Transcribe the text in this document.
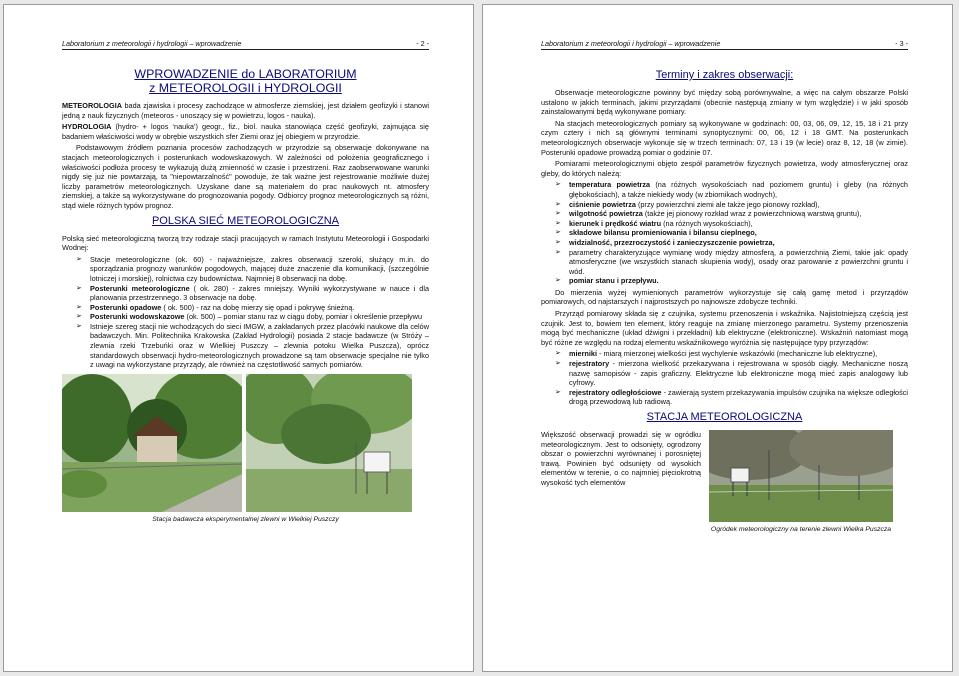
Laboratorium z meteorologii i hydrologii – wprowadzenie	- 2 -
WPROWADZENIE do LABORATORIUM
z METEOROLOGII i HYDROLOGII

METEOROLOGIA bada zjawiska i procesy zachodzące w atmosferze ziemskiej, jest działem geofizyki i stanowi jedną z nauk fizycznych (meteoros - unoszący się w powietrzu, logos - nauka).

HYDROLOGIA (hydro- + logos ‘nauka’) geogr., fiz., biol. nauka stanowiąca część geofizyki, zajmująca się badaniem właściwości wody w obrębie wszystkich sfer Ziemi oraz jej obiegiem w przyrodzie.

Podstawowym źródłem poznania procesów zachodzących w przyrodzie są obserwacje dokonywane na stacjach meteorologicznych i posterunkach wodowskazowych. W zależności od położenia geograficznego i właściwości podłoża procesy te wykazują dużą zmienność w czasie i przestrzeni. Raz zaobserwowane warunki nigdy się już nie powtarzają, ta "niepowtarzalność" powoduje, że tak ważne jest rejestrowanie możliwie dużej liczby parametrów meteorologicznych. Uzyskane dane są materiałem do prac naukowych nt. atmosfery ziemskiej, a także są wykorzystywane do prognozowania pogody. Odbiorcy prognoz meteorologicznych są różni, stąd wiele różnych typów prognoz.

POLSKA SIEĆ METEOROLOGICZNA

Polską sieć meteorologiczną tworzą trzy rodzaje stacji pracujących w ramach Instytutu Meteorologii i Gospodarki Wodnej:

➢ Stacje meteorologiczne (ok. 60) - najważniejsze, zakres obserwacji szeroki, służący m.in. do sporządzania prognozy warunków pogodowych, mającej duże znaczenie dla komunikacji, (szczególnie lotniczej i morskiej), rolnictwa czy budownictwa. Najmniej 8 obserwacji na dobę.
➢ Posterunki meteorologiczne ( ok. 280) - zakres mniejszy. Wyniki wykorzystywane w nauce i dla planowania przestrzennego. 3 obserwacje na dobę.
➢ Posterunki opadowe ( ok. 500) - raz na dobę mierzy się opad i pokrywę śnieżną.
➢ Posterunki wodowskazowe (ok. 500) – pomiar stanu raz w ciągu doby, pomiar i określenie przepływu
➢ Istnieje szereg stacji nie wchodzących do sieci IMGW, a zakładanych przez placówki naukowe dla celów badawczych. Min. Politechnika Krakowska (Zakład Hydrologii) posiada 2 stacje badawcze (w Stróży – zlewnia rzeki Trzebuńki oraz w Wielkiej Puszczy – zlewnia potoku Wielka Puszcza), oprócz standardowych obserwacji hydro-meteorologicznych prowadzone są tam obserwacje specjalne nie tylko z uwagi na wykorzystane przyrządy, ale również na częstotliwość samych pomiarów.
Stacja badawcza eksperymentalnej zlewni w Wielkiej Puszczy
Laboratorium z meteorologii i hydrologii – wprowadzenie	- 3 -
Terminy i zakres obserwacji:

Obserwacje meteorologiczne powinny być między sobą porównywalne, a więc na całym obszarze Polski ustalono w jakich terminach, jakimi przyrządami (obecnie następują zmiany w tym względzie) i w jaki sposób zainstalowanymi będą wykonywane pomiary.

Na stacjach meteorologicznych pomiary są wykonywane w godzinach: 00, 03, 06, 09, 12, 15, 18 i 21 przy czym cztery i nich są głównymi terminami synoptycznymi: 00, 06, 12 i 18 GMT. Na posterunkach meteorologicznych obserwacje wykonuje się w trzech terminach: 07, 13 i 19 (w lecie) oraz 8, 12, 18 (w zimie). Posterunki opadowe prowadzą pomiar o godzinie 07.

Pomiarami meteorologicznymi objęto zespół parametrów fizycznych powietrza, wody atmosferycznej oraz gleby, do których należą:

➢ temperatura powietrza (na różnych wysokościach nad poziomem gruntu) i gleby (na różnych głębokościach), a także niekiedy wody (w zbiornikach wodnych),
➢ ciśnienie powietrza (przy powierzchni ziemi ale także jego pionowy rozkład),
➢ wilgotność powietrza (także jej pionowy rozkład wraz z powierzchniową warstwą gruntu),
➢ kierunek i prędkość wiatru (na różnych wysokościach),
➢ składowe bilansu promieniowania i bilansu cieplnego,
➢ widzialność, przezroczystość i zanieczyszczenie powietrza,
➢ parametry charakteryzujące wymianę wody między atmosferą, a powierzchnią Ziemi, takie jak: opady atmosferyczne (we wszystkich stanach skupienia wody), osady oraz parowanie z powierzchni gruntu i wód.
➢ pomiar stanu i przepływu.

Do mierzenia wyżej wymienionych parametrów wykorzystuje się całą gamę metod i przyrządów pomiarowych, od najstarszych i najprostszych po najnowsze zdobycze techniki.

Przyrząd pomiarowy składa się z czujnika, systemu przenoszenia i wskaźnika. Najistotniejszą częścią jest czujnik. Jest to, bowiem ten element, który reaguje na zmianę mierzonego parametru. Systemy przenoszenia mogą być mechaniczne (układ dźwigni i przekładni) lub elektryczne (elektroniczne). Wskaźniń natomiast mogą być różne ze względu na rodzaj elementu wskaźnikowego wyróżnia się następujące typy przyrządów:

➢ mierniki - miarą mierzonej wielkości jest wychylenie wskazówki (mechaniczne lub elektryczne),
➢ rejestratory - mierzona wielkość przekazywana i rejestrowana w sposób ciągły. Mechaniczne noszą nazwę samopisów - zapis graficzny. Elektryczne lub elektroniczne mogą mieć zapis analogowy lub cyfrowy.
➢ rejestratory odległościowe - zawierają system przekazywania impulsów czujnika na większe odległości drogą przewodową lub radiową.
STACJA METEOROLOGICZNA

Większość obserwacji prowadzi się w ogródku meteorologicznym. Jest to odsonięty, ogrodzony obszar o powierzchni wyrównanej i porosniętej trawą. Powinien być odsunięty od wysokich elementów w terenie, o co najmniej pięciokrotną wysokość tych elementów

Ogródek meteorologiczny na terenie zlewni Wielka Puszcza
